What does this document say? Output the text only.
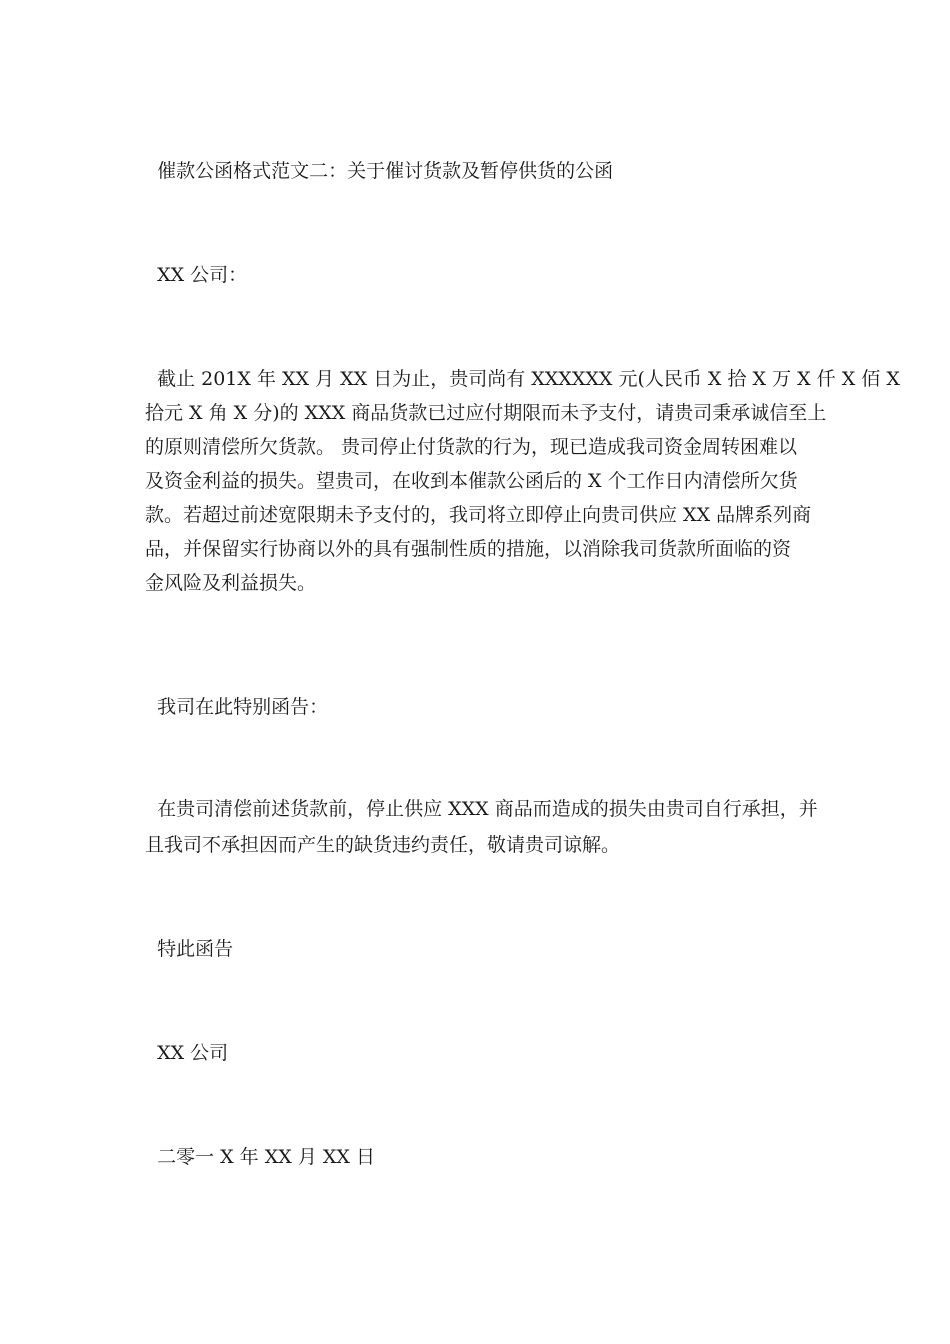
催款公函格式范文二：关于催讨货款及暂停供货的公函
XX 公司：
截止 201X 年 XX 月 XX 日为止，贵司尚有 XXXXXX 元(人民币 X 拾 X 万 X 仟 X 佰 X
拾元 X 角 X 分)的 XXX 商品货款已过应付期限而未予支付，请贵司秉承诚信至上
的原则清偿所欠货款。 贵司停止付货款的行为，现已造成我司资金周转困难以
及资金利益的损失。望贵司，在收到本催款公函后的 X 个工作日内清偿所欠货
款。若超过前述宽限期未予支付的，我司将立即停止向贵司供应 XX 品牌系列商
品，并保留实行协商以外的具有强制性质的措施，以消除我司货款所面临的资
金风险及利益损失。
我司在此特别函告：
在贵司清偿前述货款前，停止供应 XXX 商品而造成的损失由贵司自行承担，并
且我司不承担因而产生的缺货违约责任，敬请贵司谅解。
特此函告
XX 公司
二零一 X 年 XX 月 XX 日
